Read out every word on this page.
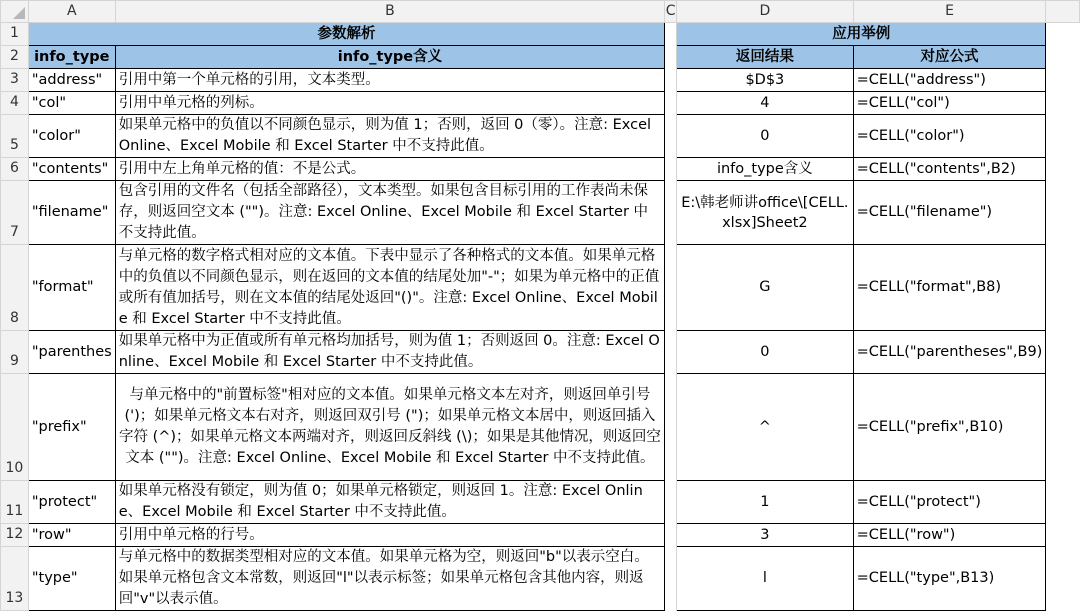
	A	B	C	D	E	
1	参数解析			应用举例		
2	info_type	info_type含义		返回结果	对应公式	
3	"address"	引用中第一个单元格的引用，文本类型。		$D$3	=CELL("address")	
4	"col"	引用中单元格的列标。		4	=CELL("col")	
5	"color"	如果单元格中的负值以不同颜色显示，则为值 1；否则，返回 0（零）。注意: Excel Online、Excel Mobile 和 Excel Starter 中不支持此值。		0	=CELL("color")	
6	"contents"	引用中左上角单元格的值：不是公式。		info_type含义	=CELL("contents",B2)	
7	"filename"	包含引用的文件名（包括全部路径），文本类型。如果包含目标引用的工作表尚未保存，则返回空文本 ("")。注意: Excel Online、Excel Mobile 和 Excel Starter 中不支持此值。		E:\韩老师讲office\[CELL.xlsx]Sheet2	=CELL("filename")	
8	"format"	与单元格的数字格式相对应的文本值。下表中显示了各种格式的文本值。如果单元格中的负值以不同颜色显示，则在返回的文本值的结尾处加"-"；如果为单元格中的正值或所有值加括号，则在文本值的结尾处返回"()"。注意: Excel Online、Excel Mobile 和 Excel Starter 中不支持此值。		G	=CELL("format",B8)	
9	"parenthes	如果单元格中为正值或所有单元格均加括号，则为值 1；否则返回 0。注意: Excel Online、Excel Mobile 和 Excel Starter 中不支持此值。		0	=CELL("parentheses",B9)	
10	"prefix"	与单元格中的"前置标签"相对应的文本值。如果单元格文本左对齐，则返回单引号 (')；如果单元格文本右对齐，则返回双引号 (")；如果单元格文本居中，则返回插入字符 (^)；如果单元格文本两端对齐，则返回反斜线 (\)；如果是其他情况，则返回空文本 ("")。注意: Excel Online、Excel Mobile 和 Excel Starter 中不支持此值。		^	=CELL("prefix",B10)	
11	"protect"	如果单元格没有锁定，则为值 0；如果单元格锁定，则返回 1。注意: Excel Online、Excel Mobile 和 Excel Starter 中不支持此值。		1	=CELL("protect")	
12	"row"	引用中单元格的行号。		3	=CELL("row")	
13	"type"	与单元格中的数据类型相对应的文本值。如果单元格为空，则返回"b"以表示空白。如果单元格包含文本常数，则返回"l"以表示标签；如果单元格包含其他内容，则返回"v"以表示值。		l	=CELL("type",B13)	
